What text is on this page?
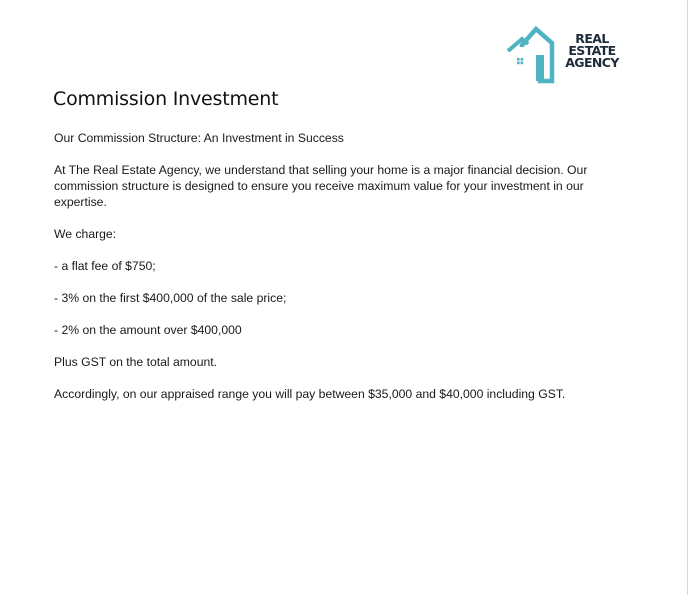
REAL
ESTATE
AGENCY
Commission Investment

Our Commission Structure: An Investment in Success

At The Real Estate Agency, we understand that selling your home is a major financial decision. Our commission structure is designed to ensure you receive maximum value for your investment in our expertise.

We charge:

- a flat fee of $750;

- 3% on the first $400,000 of the sale price;

- 2% on the amount over $400,000

Plus GST on the total amount.

Accordingly, on our appraised range you will pay between $35,000 and $40,000 including GST.
